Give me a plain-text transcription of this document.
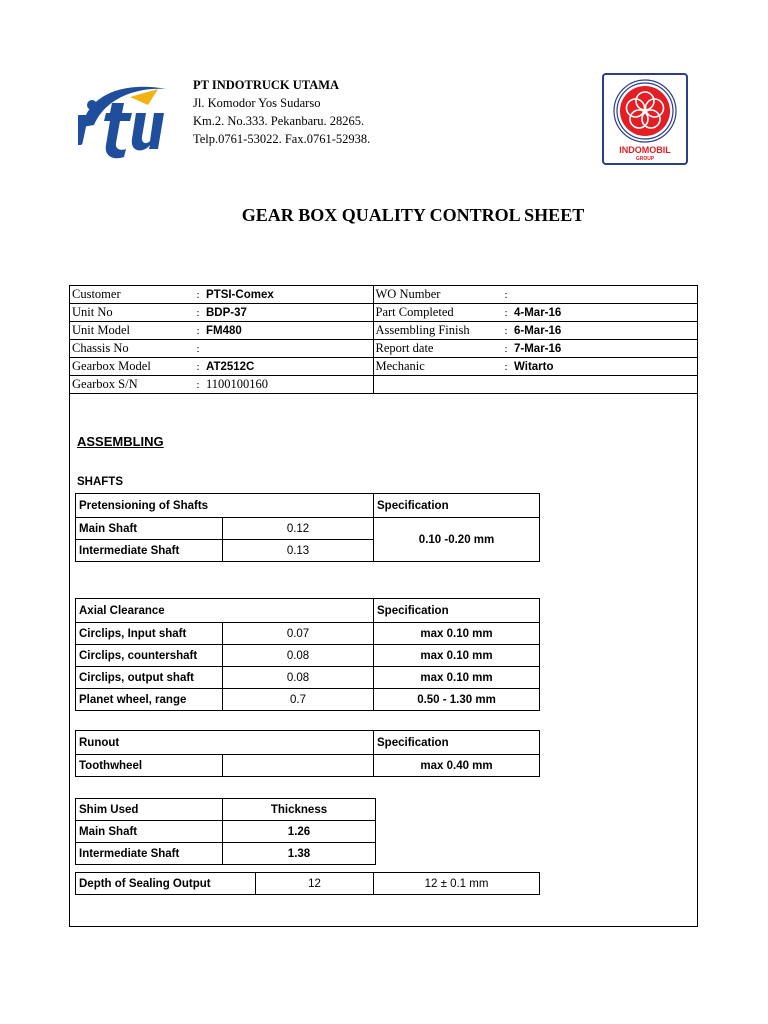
PT INDOTRUCK UTAMA
Jl. Komodor Yos Sudarso
Km.2. No.333. Pekanbaru. 28265.
Telp.0761-53022. Fax.0761-52938.
INDOMOBIL
GROUP
GEAR BOX QUALITY CONTROL SHEET
Customer	:	PTSI-Comex	WO Number	:	
Unit No	:	BDP-37	Part Completed	:	4-Mar-16
Unit Model	:	FM480	Assembling Finish	:	6-Mar-16
Chassis No	:		Report date	:	7-Mar-16
Gearbox Model	:	AT2512C	Mechanic	:	Witarto
Gearbox S/N	:	1100100160			
ASSEMBLING
SHAFTS
Pretensioning of Shafts		Specification
Main Shaft	0.12	0.10 -0.20 mm
Intermediate Shaft	0.13	
Axial Clearance		Specification
Circlips, Input shaft	0.07	max 0.10 mm
Circlips, countershaft	0.08	max 0.10 mm
Circlips, output shaft	0.08	max 0.10 mm
Planet wheel, range	0.7	0.50 - 1.30 mm
Runout		Specification
Toothwheel		max 0.40 mm
Shim Used	Thickness
Main Shaft	1.26
Intermediate Shaft	1.38
Depth of Sealing Output	12	12 ± 0.1 mm
